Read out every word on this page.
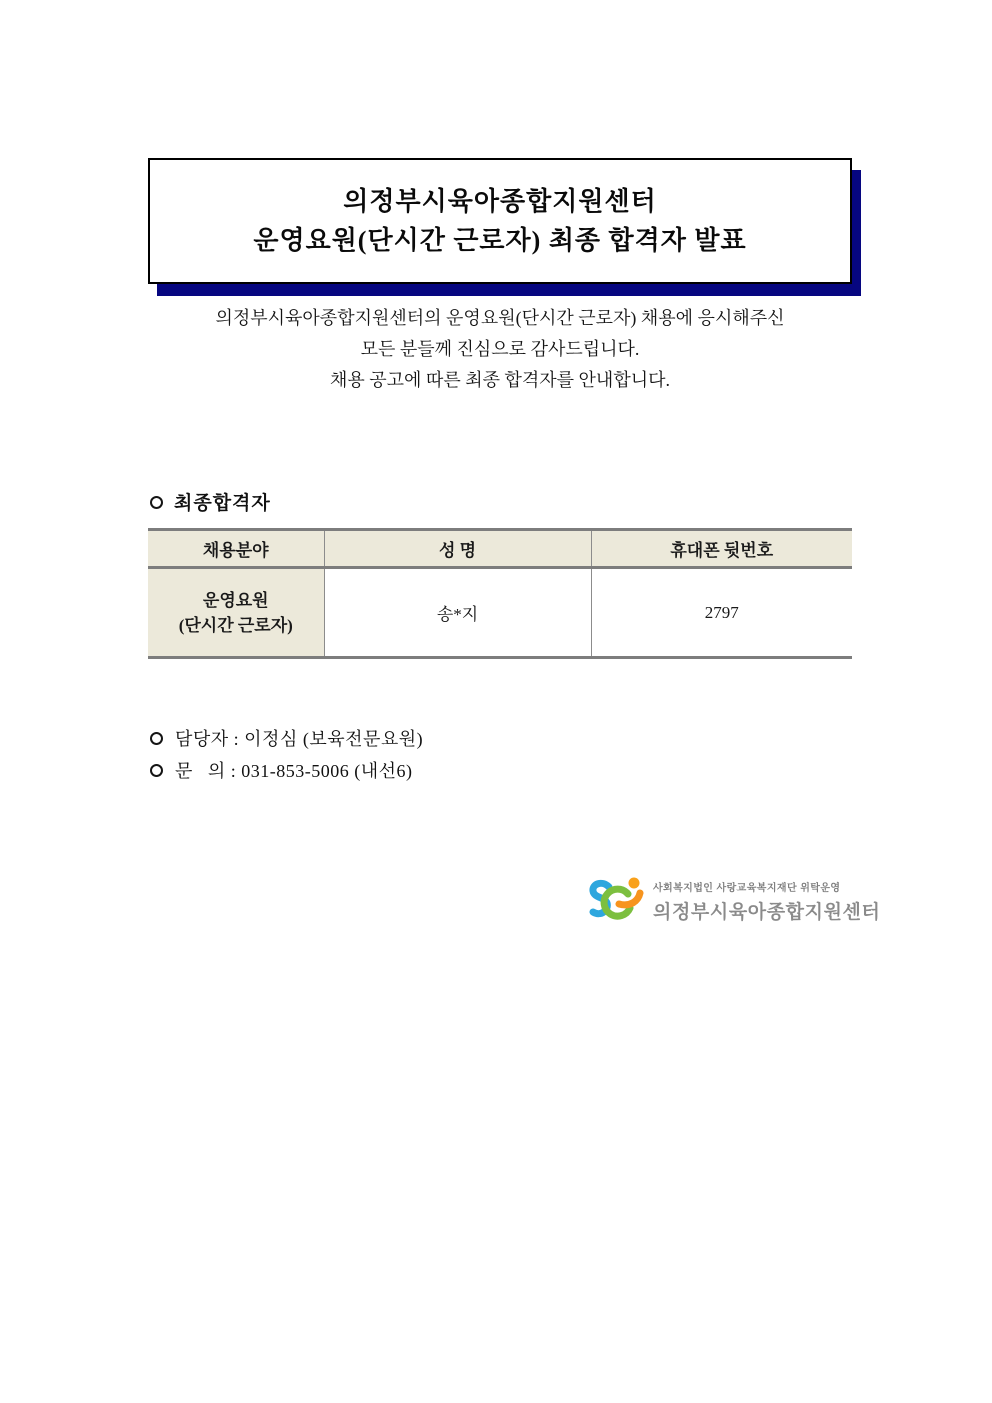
의정부시육아종합지원센터
운영요원(단시간 근로자) 최종 합격자 발표
의정부시육아종합지원센터의 운영요원(단시간 근로자) 채용에 응시해주신
모든 분들께 진심으로 감사드립니다.
채용 공고에 따른 최종 합격자를 안내합니다.
최종합격자
채용분야	성 명	휴대폰 뒷번호

운영요원
(단시간 근로자)	송*지	2797
담당자 : 이정심 (보육전문요원)
문   의 : 031-853-5006 (내선6)
사회복지법인 사랑교육복지재단 위탁운영
의정부시육아종합지원센터
